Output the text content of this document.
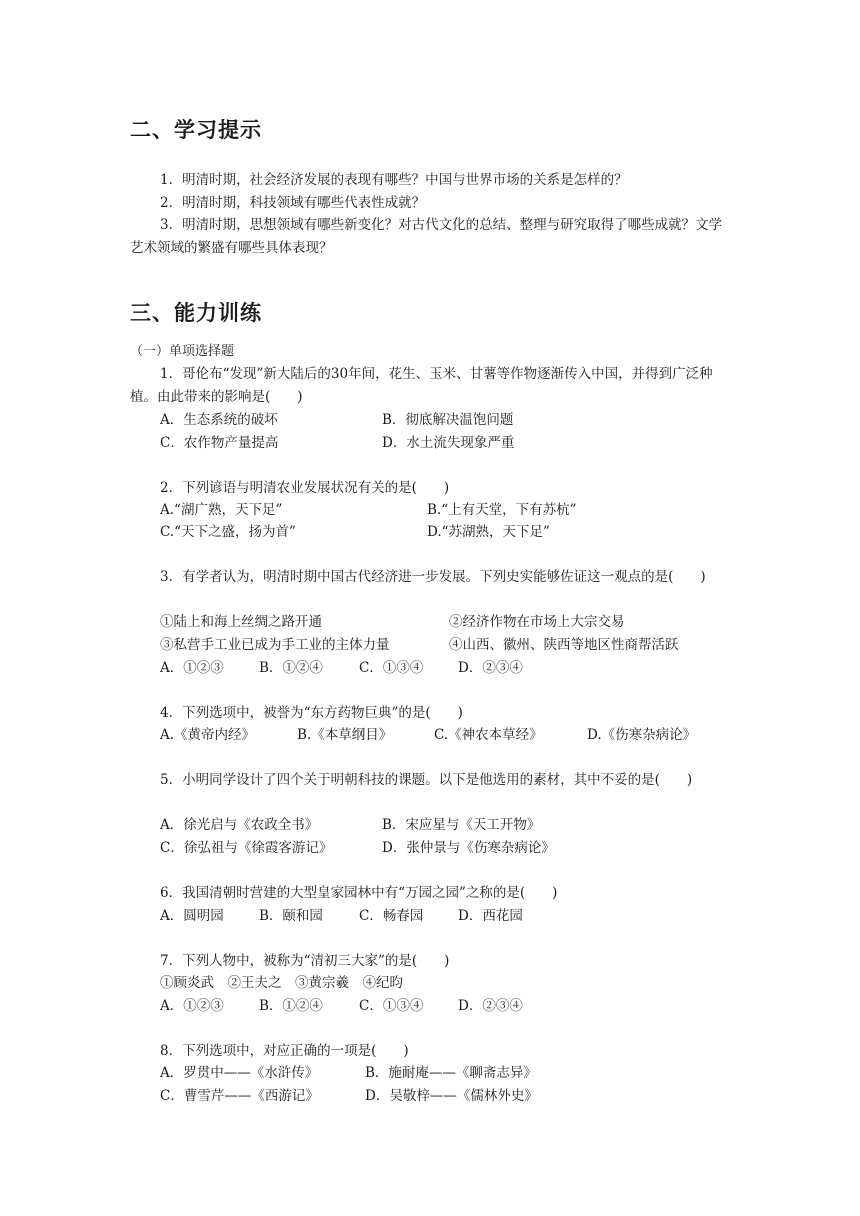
二、学习提示
1．明清时期，社会经济发展的表现有哪些？中国与世界市场的关系是怎样的？
2．明清时期，科技领域有哪些代表性成就？
3．明清时期，思想领域有哪些新变化？对古代文化的总结、整理与研究取得了哪些成就？文学艺术领域的繁盛有哪些具体表现？
三、能力训练
（一）单项选择题
1．哥伦布“发现”新大陆后的30年间，花生、玉米、甘薯等作物逐渐传入中国，并得到广泛种植。由此带来的影响是(　　)
A．生态系统的破坏	B．彻底解决温饱问题
C．农作物产量提高	D．水土流失现象严重
2．下列谚语与明清农业发展状况有关的是(　　)
A.“湖广熟，天下足”	B.“上有天堂，下有苏杭”
C.“天下之盛，扬为首”	D.“苏湖熟，天下足”
3．有学者认为，明清时期中国古代经济进一步发展。下列史实能够佐证这一观点的是(　　)
①陆上和海上丝绸之路开通	②经济作物在市场上大宗交易
③私营手工业已成为手工业的主体力量	④山西、徽州、陕西等地区性商帮活跃
A．①②③	B．①②④	C．①③④	D．②③④
4．下列选项中，被誉为“东方药物巨典”的是(　　)
A.《黄帝内经》	B.《本草纲目》	C.《神农本草经》	D.《伤寒杂病论》
5．小明同学设计了四个关于明朝科技的课题。以下是他选用的素材，其中不妥的是(　　)
A．徐光启与《农政全书》	B．宋应星与《天工开物》
C．徐弘祖与《徐霞客游记》	D．张仲景与《伤寒杂病论》
6．我国清朝时营建的大型皇家园林中有“万园之园”之称的是(　　)
A．圆明园	B．颐和园	C．畅春园	D．西花园
7．下列人物中，被称为“清初三大家”的是(　　)
①顾炎武　②王夫之　③黄宗羲　④纪昀
A．①②③	B．①②④	C．①③④	D．②③④
8．下列选项中，对应正确的一项是(　　)
A．罗贯中——《水浒传》	B．施耐庵——《聊斋志异》
C．曹雪芹——《西游记》	D．吴敬梓——《儒林外史》
